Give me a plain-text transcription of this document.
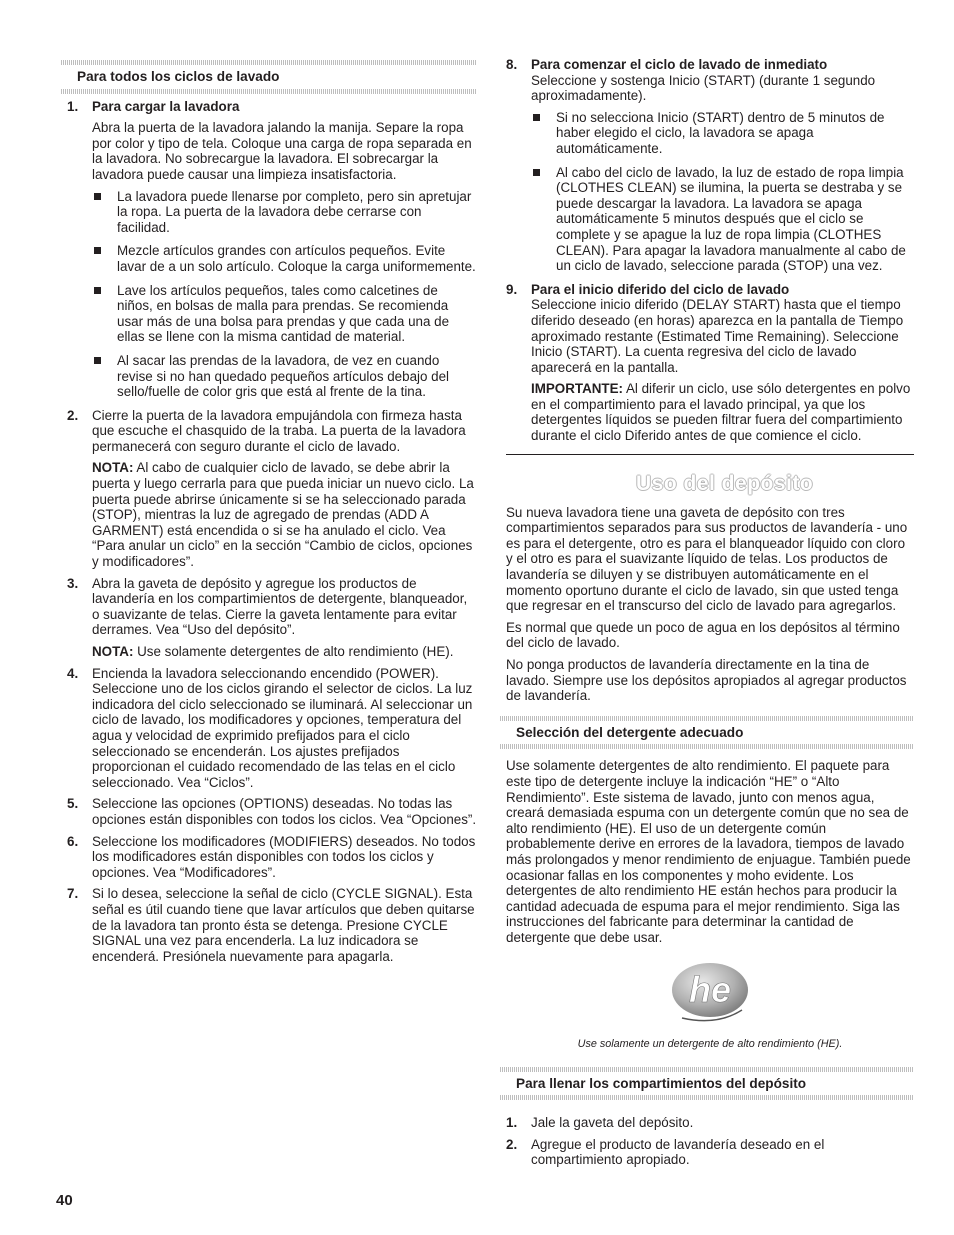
Para todos los ciclos de lavado
1.	Para cargar la lavadora

Abra la puerta de la lavadora jalando la manija. Separe la ropa por color y tipo de tela. Coloque una carga de ropa separada en la lavadora. No sobrecargue la lavadora. El sobrecargar la lavadora puede causar una limpieza insatisfactoria.

La lavadora puede llenarse por completo, pero sin apretujar la ropa. La puerta de la lavadora debe cerrarse con facilidad.
Mezcle artículos grandes con artículos pequeños. Evite lavar de a un solo artículo. Coloque la carga uniformemente.
Lave los artículos pequeños, tales como calcetines de niños, en bolsas de malla para prendas. Se recomienda usar más de una bolsa para prendas y que cada una de ellas se llene con la misma cantidad de material.
Al sacar las prendas de la lavadora, de vez en cuando revise si no han quedado pequeños artículos debajo del sello/fuelle de color gris que está al frente de la tina.
2.	Cierre la puerta de la lavadora empujándola con firmeza hasta que escuche el chasquido de la traba. La puerta de la lavadora permanecerá con seguro durante el ciclo de lavado.

NOTA: Al cabo de cualquier ciclo de lavado, se debe abrir la puerta y luego cerrarla para que pueda iniciar un nuevo ciclo. La puerta puede abrirse únicamente si se ha seleccionado parada (STOP), mientras la luz de agregado de prendas (ADD A GARMENT) está encendida o si se ha anulado el ciclo. Vea “Para anular un ciclo” en la sección “Cambio de ciclos, opciones y modificadores”.

3.	Abra la gaveta de depósito y agregue los productos de lavandería en los compartimientos de detergente, blanqueador, o suavizante de telas. Cierre la gaveta lentamente para evitar derrames. Vea “Uso del depósito”.

NOTA: Use solamente detergentes de alto rendimiento (HE).

4.	Encienda la lavadora seleccionando encendido (POWER). Seleccione uno de los ciclos girando el selector de ciclos. La luz indicadora del ciclo seleccionado se iluminará. Al seleccionar un ciclo de lavado, los modificadores y opciones, temperatura del agua y velocidad de exprimido prefijados para el ciclo seleccionado se encenderán. Los ajustes prefijados proporcionan el cuidado recomendado de las telas en el ciclo seleccionado. Vea “Ciclos”.

5.	Seleccione las opciones (OPTIONS) deseadas. No todas las opciones están disponibles con todos los ciclos. Vea “Opciones”.

6.	Seleccione los modificadores (MODIFIERS) deseados. No todos los modificadores están disponibles con todos los ciclos y opciones. Vea “Modificadores”.

7.	Si lo desea, seleccione la señal de ciclo (CYCLE SIGNAL). Esta señal es útil cuando tiene que lavar artículos que deben quitarse de la lavadora tan pronto ésta se detenga. Presione CYCLE SIGNAL una vez para encenderla. La luz indicadora se encenderá. Presiónela nuevamente para apagarla.

8.	Para comenzar el ciclo de lavado de inmediato

Seleccione y sostenga Inicio (START) (durante 1 segundo aproximadamente).

Si no selecciona Inicio (START) dentro de 5 minutos de haber elegido el ciclo, la lavadora se apaga automáticamente.
Al cabo del ciclo de lavado, la luz de estado de ropa limpia (CLOTHES CLEAN) se ilumina, la puerta se destraba y se puede descargar la lavadora. La lavadora se apaga automáticamente 5 minutos después que el ciclo se complete y se apague la luz de ropa limpia (CLOTHES CLEAN). Para apagar la lavadora manualmente al cabo de un ciclo de lavado, seleccione parada (STOP) una vez.
9.	Para el inicio diferido del ciclo de lavado

Seleccione inicio diferido (DELAY START) hasta que el tiempo diferido deseado (en horas) aparezca en la pantalla de Tiempo aproximado restante (Estimated Time Remaining). Seleccione Inicio (START). La cuenta regresiva del ciclo de lavado aparecerá en la pantalla.

IMPORTANTE: Al diferir un ciclo, use sólo detergentes en polvo en el compartimiento para el lavado principal, ya que los detergentes líquidos se pueden filtrar fuera del compartimiento durante el ciclo Diferido antes de que comience el ciclo.

Uso del depósito

Su nueva lavadora tiene una gaveta de depósito con tres compartimientos separados para sus productos de lavandería - uno es para el detergente, otro es para el blanqueador líquido con cloro y el otro es para el suavizante líquido de telas. Los productos de lavandería se diluyen y se distribuyen automáticamente en el momento oportuno durante el ciclo de lavado, sin que usted tenga que regresar en el transcurso del ciclo de lavado para agregarlos.

Es normal que quede un poco de agua en los depósitos al término del ciclo de lavado.

No ponga productos de lavandería directamente en la tina de lavado. Siempre use los depósitos apropiados al agregar productos de lavandería.

Selección del detergente adecuado

Use solamente detergentes de alto rendimiento. El paquete para este tipo de detergente incluye la indicación “HE” o “Alto Rendimiento”. Este sistema de lavado, junto con menos agua, creará demasiada espuma con un detergente común que no sea de alto rendimiento (HE). El uso de un detergente común probablemente derive en errores de la lavadora, tiempos de lavado más prolongados y menor rendimiento de enjuague. También puede ocasionar fallas en los componentes y moho evidente. Los detergentes de alto rendimiento HE están hechos para producir la cantidad adecuada de espuma para el mejor rendimiento. Siga las instrucciones del fabricante para determinar la cantidad de detergente que debe usar.

he
Use solamente un detergente de alto rendimiento (HE).
Para llenar los compartimientos del depósito
1.	Jale la gaveta del depósito.

2.	Agregue el producto de lavandería deseado en el compartimiento apropiado.

40
